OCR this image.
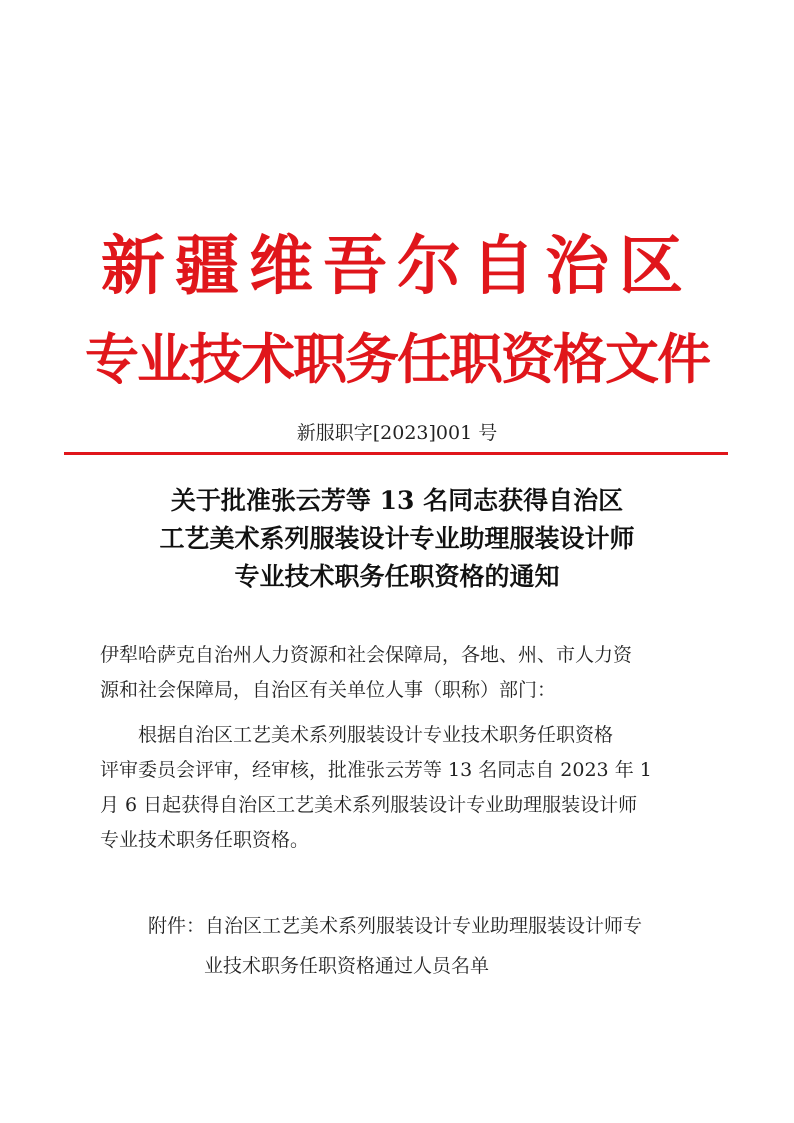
新疆维吾尔自治区
专业技术职务任职资格文件
新服职字[2023]001 号
关于批准张云芳等 13 名同志获得自治区
工艺美术系列服装设计专业助理服装设计师
专业技术职务任职资格的通知
伊犁哈萨克自治州人力资源和社会保障局，各地、州、市人力资
源和社会保障局，自治区有关单位人事（职称）部门：
根据自治区工艺美术系列服装设计专业技术职务任职资格
评审委员会评审，经审核，批准张云芳等 13 名同志自 2023 年 1
月 6 日起获得自治区工艺美术系列服装设计专业助理服装设计师
专业技术职务任职资格。
附件：自治区工艺美术系列服装设计专业助理服装设计师专
业技术职务任职资格通过人员名单
